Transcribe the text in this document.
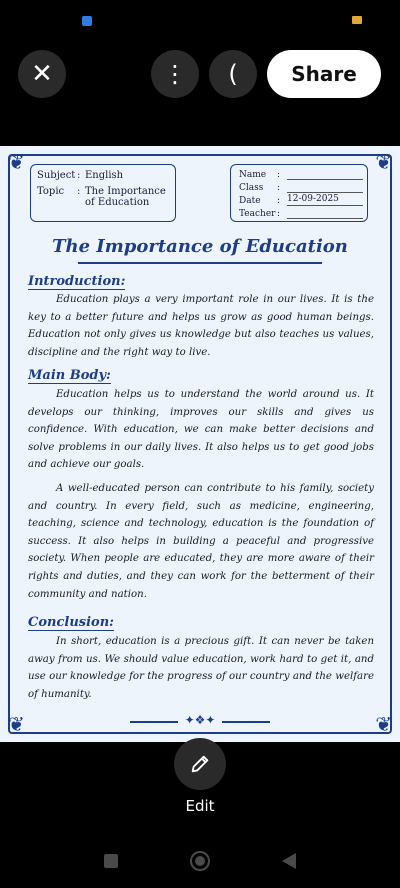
✕	⋮ (	Share
❦	❦
❦	❦
Subject : English
Topic : The Importance of Education
Name :
Class :
Date : 12-09-2025
Teacher :
The Importance of Education
Introduction:
Education plays a very important role in our lives. It is the key to a better future and helps us grow as good human beings. Education not only gives us knowledge but also teaches us values, discipline and the right way to live.
Main Body:
Education helps us to understand the world around us. It develops our thinking, improves our skills and gives us confidence. With education, we can make better decisions and solve problems in our daily lives. It also helps us to get good jobs and achieve our goals.
A well-educated person can contribute to his family, society and country. In every field, such as medicine, engineering, teaching, science and technology, education is the foundation of success. It also helps in building a peaceful and progressive society. When people are educated, they are more aware of their rights and duties, and they can work for the betterment of their community and nation.
Conclusion:
In short, education is a precious gift. It can never be taken away from us. We should value education, work hard to get it, and use our knowledge for the progress of our country and the welfare of humanity.
✦❖✦
Edit
